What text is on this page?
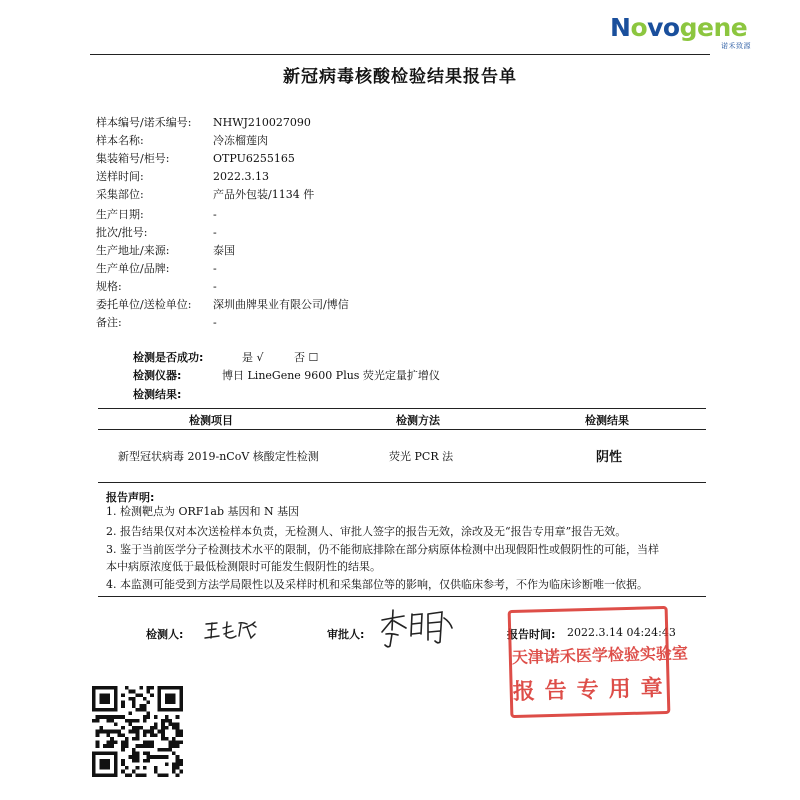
Novogene
诺禾致源
新冠病毒核酸检验结果报告单
样本编号/诺禾编号: NHWJ210027090
样本名称:	冷冻榴莲肉
集装箱号/柜号:	OTPU6255165
送样时间:	2022.3.13
采集部位:	产品外包装/1134 件
生产日期:	-
批次/批号:	-
生产地址/来源:	泰国
生产单位/品牌:	-
规格:	-
委托单位/送检单位: 深圳曲牌果业有限公司/博信
备注:	-
检测是否成功:	是 √	否 ☐
检测仪器:	博日 LineGene 9600 Plus 荧光定量扩增仪
检测结果:
检测项目	检测方法	检测结果
新型冠状病毒 2019-nCoV 核酸定性检测	荧光 PCR 法	阴性
报告声明:
1. 检测靶点为 ORF1ab 基因和 N 基因
2. 报告结果仅对本次送检样本负责，无检测人、审批人签字的报告无效，涂改及无“报告专用章”报告无效。
3. 鉴于当前医学分子检测技术水平的限制，仍不能彻底排除在部分病原体检测中出现假阳性或假阴性的可能，当样
本中病原浓度低于最低检测限时可能发生假阴性的结果。
4. 本监测可能受到方法学局限性以及采样时机和采集部位等的影响，仅供临床参考，不作为临床诊断唯一依据。
检测人:	审批人:	报告时间: 2022.3.14 04:24:43
天津诺禾医学检验实验室
报告专用章
